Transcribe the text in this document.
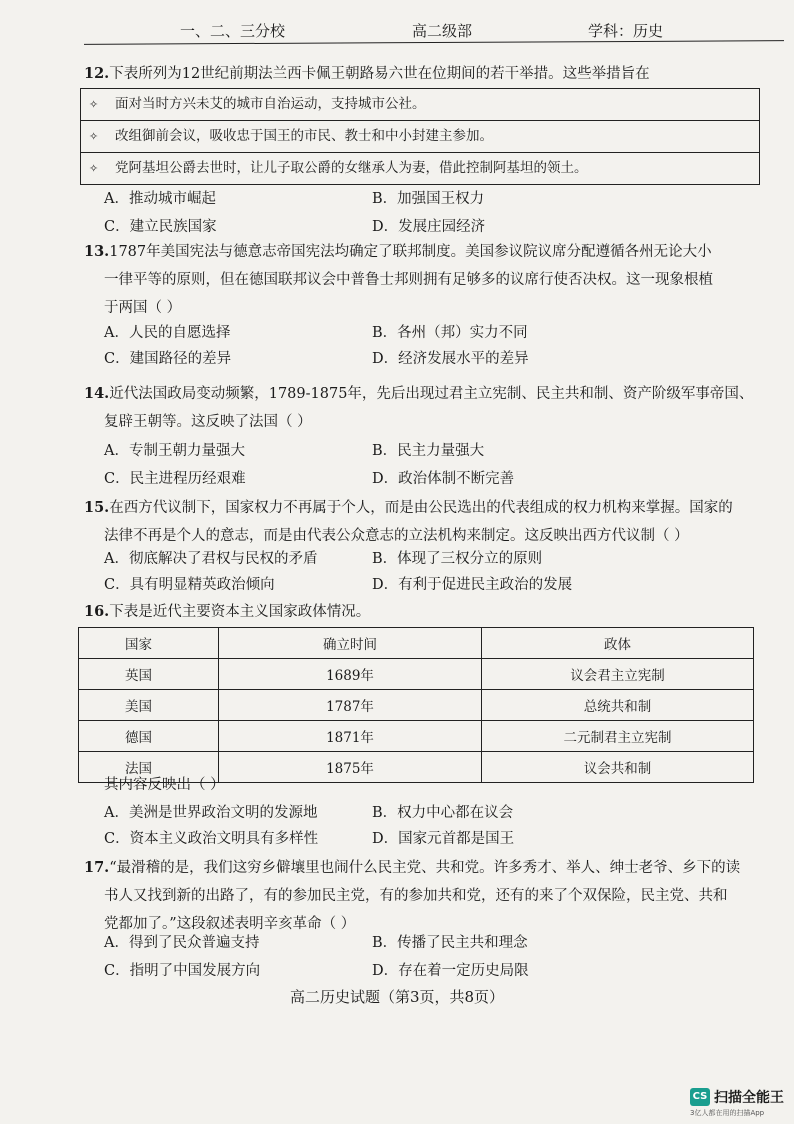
一、二、三分校	高二级部	学科：历史
12.下表所列为12世纪前期法兰西卡佩王朝路易六世在位期间的若干举措。这些举措旨在
✧ 面对当时方兴未艾的城市自治运动，支持城市公社。
✧ 改组御前会议，吸收忠于国王的市民、教士和中小封建主参加。
✧ 党阿基坦公爵去世时，让儿子取公爵的女继承人为妻，借此控制阿基坦的领土。
A．推动城市崛起	B．加强国王权力
C．建立民族国家	D．发展庄园经济
13.1787年美国宪法与德意志帝国宪法均确定了联邦制度。美国参议院议席分配遵循各州无论大小
一律平等的原则，但在德国联邦议会中普鲁士邦则拥有足够多的议席行使否决权。这一现象根植
于两国（ ）
A．人民的自愿选择	B．各州（邦）实力不同
C．建国路径的差异	D．经济发展水平的差异
14.近代法国政局变动频繁，1789-1875年，先后出现过君主立宪制、民主共和制、资产阶级军事帝国、
复辟王朝等。这反映了法国（ ）
A．专制王朝力量强大	B．民主力量强大
C．民主进程历经艰难	D．政治体制不断完善
15.在西方代议制下，国家权力不再属于个人，而是由公民选出的代表组成的权力机构来掌握。国家的
法律不再是个人的意志，而是由代表公众意志的立法机构来制定。这反映出西方代议制（ ）
A．彻底解决了君权与民权的矛盾	B．体现了三权分立的原则
C．具有明显精英政治倾向	D．有利于促进民主政治的发展
16.下表是近代主要资本主义国家政体情况。
国家	确立时间	政体
英国	1689年	议会君主立宪制
美国	1787年	总统共和制
德国	1871年	二元制君主立宪制
法国	1875年	议会共和制
其内容反映出（ ）
A．美洲是世界政治文明的发源地	B．权力中心都在议会
C．资本主义政治文明具有多样性	D．国家元首都是国王
17.“最滑稽的是，我们这穷乡僻壤里也闹什么民主党、共和党。许多秀才、举人、绅士老爷、乡下的读
书人又找到新的出路了，有的参加民主党，有的参加共和党，还有的来了个双保险，民主党、共和
党都加了。”这段叙述表明辛亥革命（ ）
A．得到了民众普遍支持	B．传播了民主共和理念
C．指明了中国发展方向	D．存在着一定历史局限
高二历史试题（第3页，共8页）
CS 扫描全能王
3亿人都在用的扫描App
